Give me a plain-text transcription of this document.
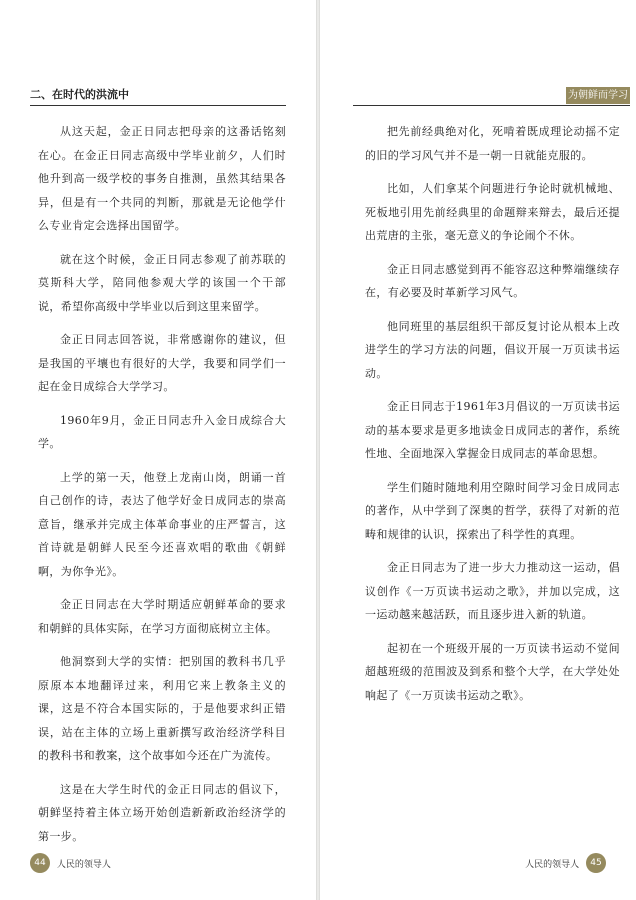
二、在时代的洪流中

从这天起，金正日同志把母亲的这番话铭刻在心。在金正日同志高级中学毕业前夕，人们时他升到高一级学校的事务自推测，虽然其结果各异，但是有一个共同的判断，那就是无论他学什么专业肯定会选择出国留学。

就在这个时候，金正日同志参观了前苏联的莫斯科大学，陪同他参观大学的该国一个干部说，希望你高级中学毕业以后到这里来留学。

金正日同志回答说，非常感谢你的建议，但是我国的平壤也有很好的大学，我要和同学们一起在金日成综合大学学习。

1960年9月，金正日同志升入金日成综合大学。

上学的第一天，他登上龙南山岗，朗诵一首自己创作的诗，表达了他学好金日成同志的崇高意旨，继承并完成主体革命事业的庄严誓言，这首诗就是朝鲜人民至今还喜欢唱的歌曲《朝鲜啊，为你争光》。

金正日同志在大学时期适应朝鲜革命的要求和朝鲜的具体实际，在学习方面彻底树立主体。

他洞察到大学的实情：把别国的教科书几乎原原本本地翻译过来，利用它来上教条主义的课，这是不符合本国实际的，于是他要求纠正错误，站在主体的立场上重新撰写政治经济学科目的教科书和教案，这个故事如今还在广为流传。

这是在大学生时代的金正日同志的倡议下，朝鲜坚持着主体立场开始创造新新政治经济学的第一步。

44 人民的领导人
为朝鲜而学习

把先前经典绝对化，死啃着既成理论动摇不定的旧的学习风气并不是一朝一日就能克服的。

比如，人们拿某个问题进行争论时就机械地、死板地引用先前经典里的命题辩来辩去，最后还提出荒唐的主张，毫无意义的争论闹个不休。

金正日同志感觉到再不能容忍这种弊端继续存在，有必要及时革新学习风气。

他同班里的基层组织干部反复讨论从根本上改进学生的学习方法的问题，倡议开展一万页读书运动。

金正日同志于1961年3月倡议的一万页读书运动的基本要求是更多地读金日成同志的著作，系统性地、全面地深入掌握金日成同志的革命思想。

学生们随时随地利用空隙时间学习金日成同志的著作，从中学到了深奥的哲学，获得了对新的范畴和规律的认识，探索出了科学性的真理。

金正日同志为了进一步大力推动这一运动，倡议创作《一万页读书运动之歌》，并加以完成，这一运动越来越活跃，而且逐步进入新的轨道。

起初在一个班级开展的一万页读书运动不觉间超越班级的范围波及到系和整个大学，在大学处处响起了《一万页读书运动之歌》。

人民的领导人 45
